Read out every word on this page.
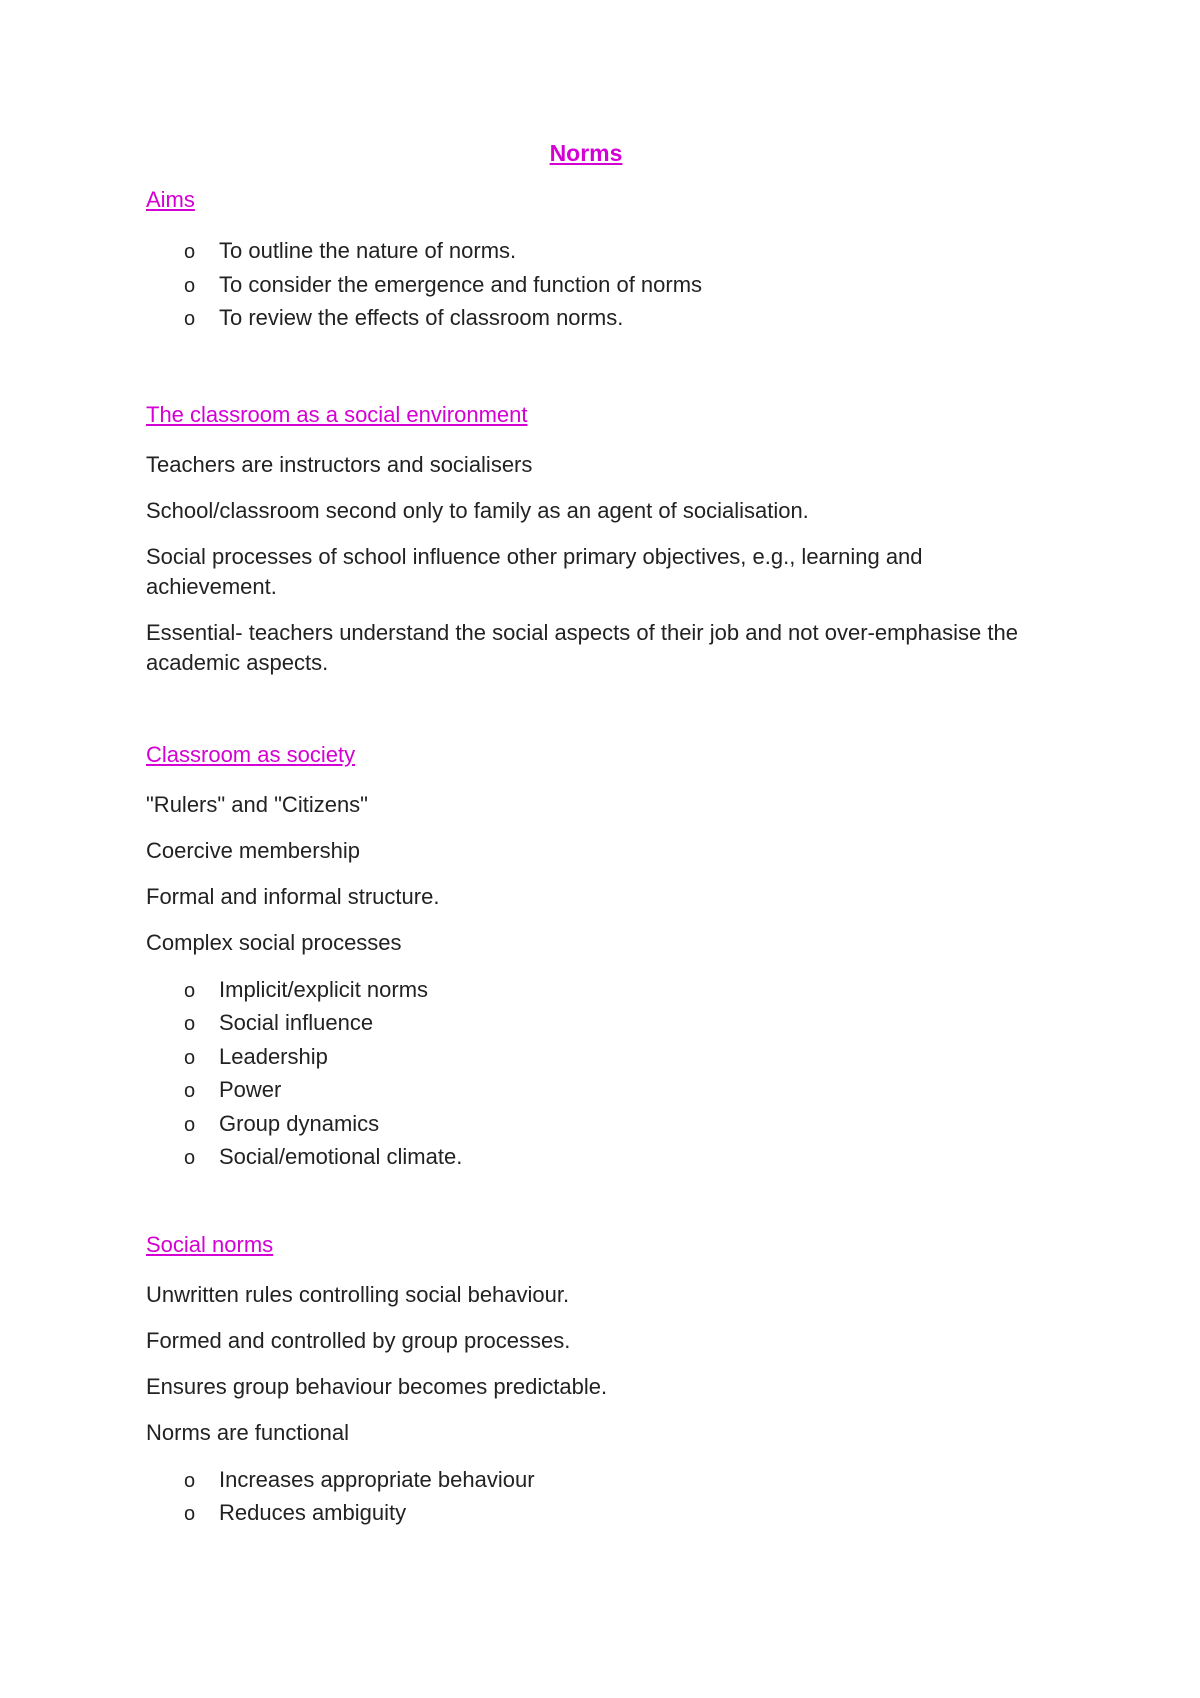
Norms
Aims
o	To outline the nature of norms.
o	To consider the emergence and function of norms
o	To review the effects of classroom norms.
The classroom as a social environment

Teachers are instructors and socialisers

School/classroom second only to family as an agent of socialisation.

Social processes of school influence other primary objectives, e.g., learning and achievement.

Essential- teachers understand the social aspects of their job and not over-emphasise the academic aspects.

Classroom as society

"Rulers" and "Citizens"

Coercive membership

Formal and informal structure.

Complex social processes

o	Implicit/explicit norms
o	Social influence
o	Leadership
o	Power
o	Group dynamics
o	Social/emotional climate.
Social norms

Unwritten rules controlling social behaviour.

Formed and controlled by group processes.

Ensures group behaviour becomes predictable.

Norms are functional

o	Increases appropriate behaviour
o	Reduces ambiguity
